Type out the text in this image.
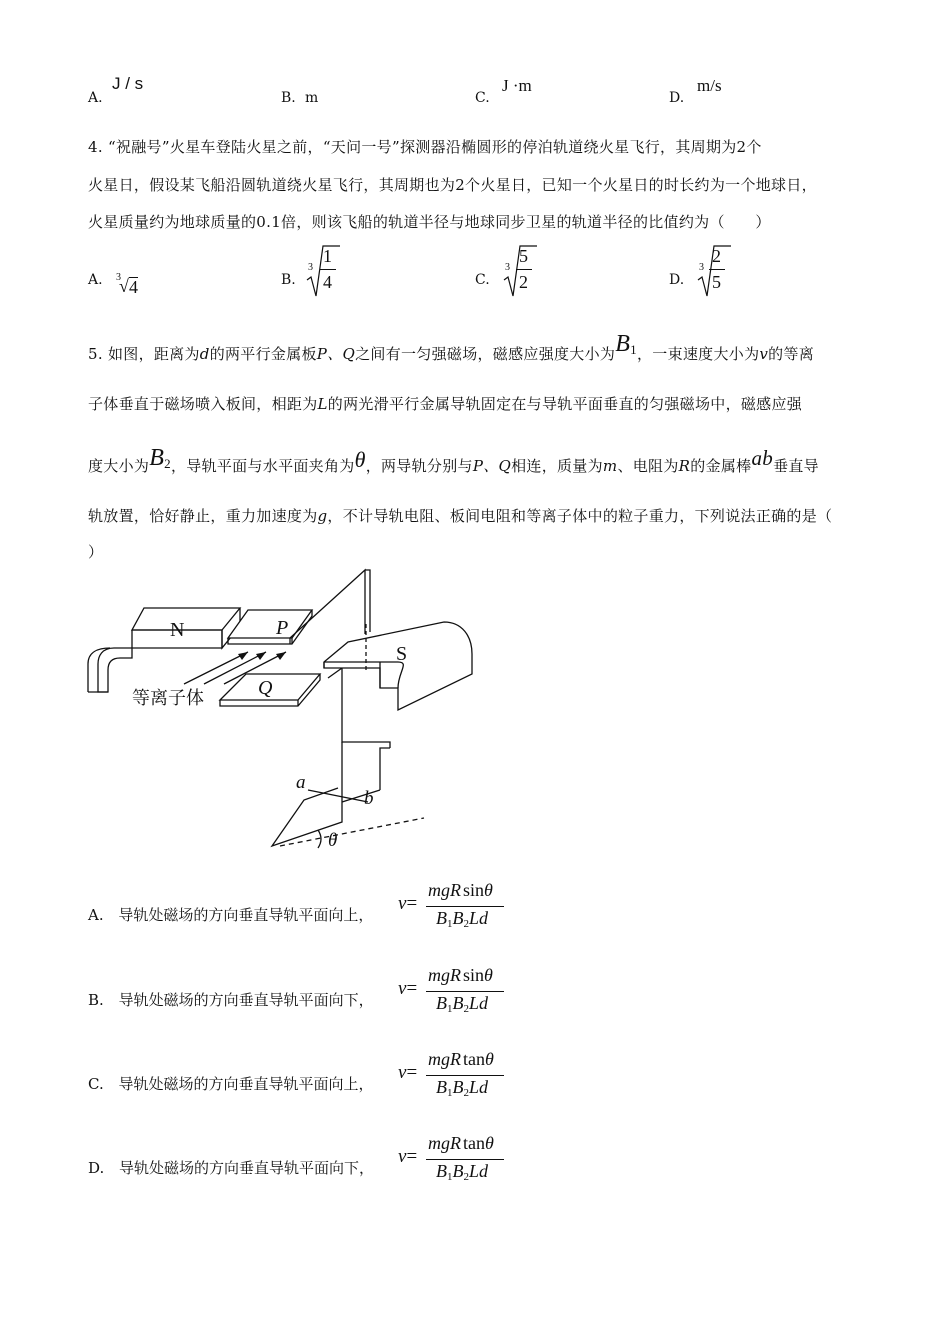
A.
J / s
B. m	C.
J ·m
D.
m/s
4. “祝融号”火星车登陆火星之前，“天问一号”探测器沿椭圆形的停泊轨道绕火星飞行，其周期为2个
火星日，假设某飞船沿圆轨道绕火星飞行，其周期也为2个火星日，已知一个火星日的时长约为一个地球日，
火星质量约为地球质量的0.1倍，则该飞船的轨道半径与地球同步卫星的轨道半径的比值约为（　　）
A. 3
√ 4	B.
3
1
4	C.
3
5
2	D.
3
2
5
5. 如图，距离为d的两平行金属板P、Q之间有一匀强磁场，磁感应强度大小为$B_1$，一束速度大小为v的等离
子体垂直于磁场喷入板间，相距为L的两光滑平行金属导轨固定在与导轨平面垂直的匀强磁场中，磁感应强
度大小为$B_2$，导轨平面与水平面夹角为θ，两导轨分别与P、Q相连，质量为m、电阻为R的金属棒ab垂直导
轨放置，恰好静止，重力加速度为g，不计导轨电阻、板间电阻和等离子体中的粒子重力，下列说法正确的是（
）
N	P
S
Q
a
b
θ
等离子体
A. 导轨处磁场的方向垂直导轨平面向上，
v=
mgR sinθ
$B_1B_2Ld$
B. 导轨处磁场的方向垂直导轨平面向下，
v=
mgR sinθ
$B_1B_2Ld$
C. 导轨处磁场的方向垂直导轨平面向上，
v=
mgR tanθ
$B_1B_2Ld$
D. 导轨处磁场的方向垂直导轨平面向下，
v=
mgR tanθ
$B_1B_2Ld$
